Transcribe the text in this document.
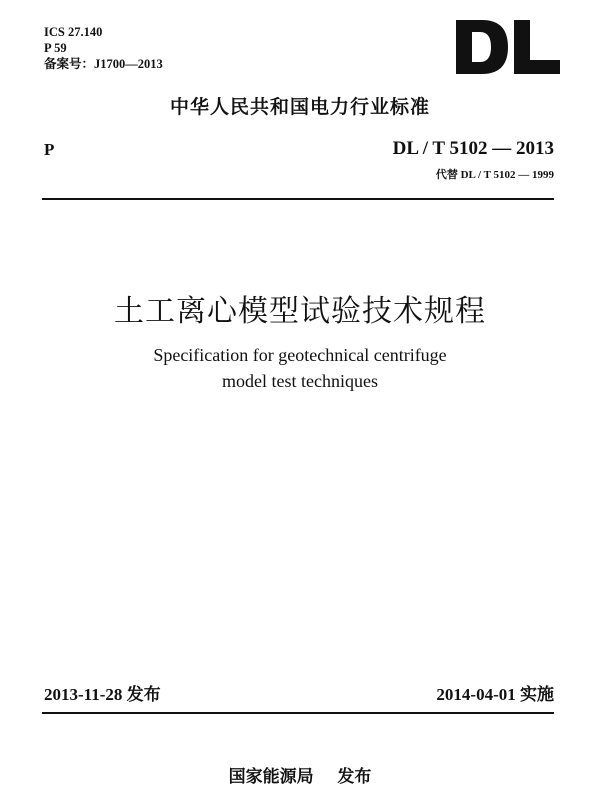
ICS 27.140
P 59
备案号：J1700—2013
中华人民共和国电力行业标准
P	DL / T 5102 — 2013
代替 DL / T 5102 — 1999
土工离心模型试验技术规程
Specification for geotechnical centrifuge
model test techniques
2013-11-28 发布	2014-04-01 实施
国家能源局    发布
